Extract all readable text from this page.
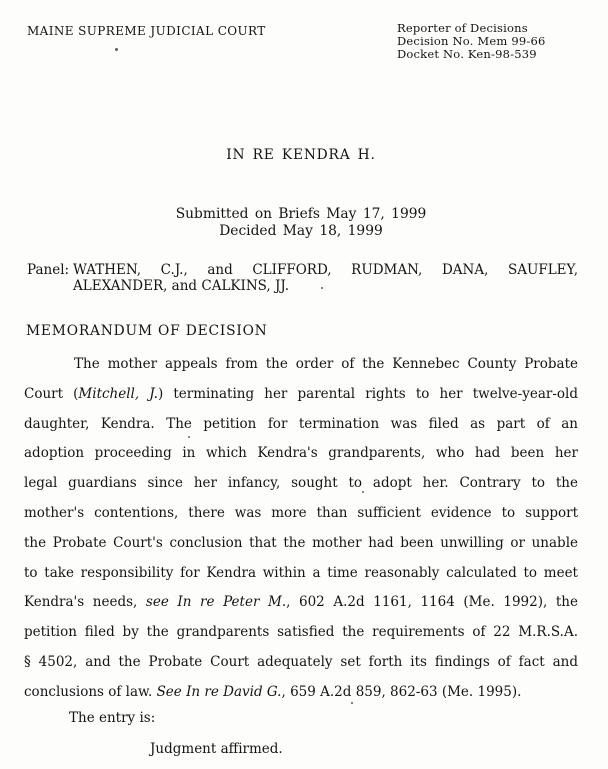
MAINE SUPREME JUDICIAL COURT	Reporter of Decisions
Decision No. Mem 99-66
Docket No. Ken-98-539
IN RE KENDRA H.
Submitted on Briefs May 17, 1999
Decided May 18, 1999
Panel: WATHEN, C.J., and CLIFFORD, RUDMAN, DANA, SAUFLEY,
ALEXANDER, and CALKINS, JJ.
MEMORANDUM OF DECISION
The mother appeals from the order of the Kennebec County Probate
Court (Mitchell, J.) terminating her parental rights to her twelve-year-old
daughter, Kendra. The petition for termination was filed as part of an
adoption proceeding in which Kendra's grandparents, who had been her
legal guardians since her infancy, sought to adopt her. Contrary to the
mother's contentions, there was more than sufficient evidence to support
the Probate Court's conclusion that the mother had been unwilling or unable
to take responsibility for Kendra within a time reasonably calculated to meet
Kendra's needs, see In re Peter M., 602 A.2d 1161, 1164 (Me. 1992), the
petition filed by the grandparents satisfied the requirements of 22 M.R.S.A.
§ 4502, and the Probate Court adequately set forth its findings of fact and
conclusions of law. See In re David G., 659 A.2d 859, 862-63 (Me. 1995).
The entry is:
Judgment affirmed.
